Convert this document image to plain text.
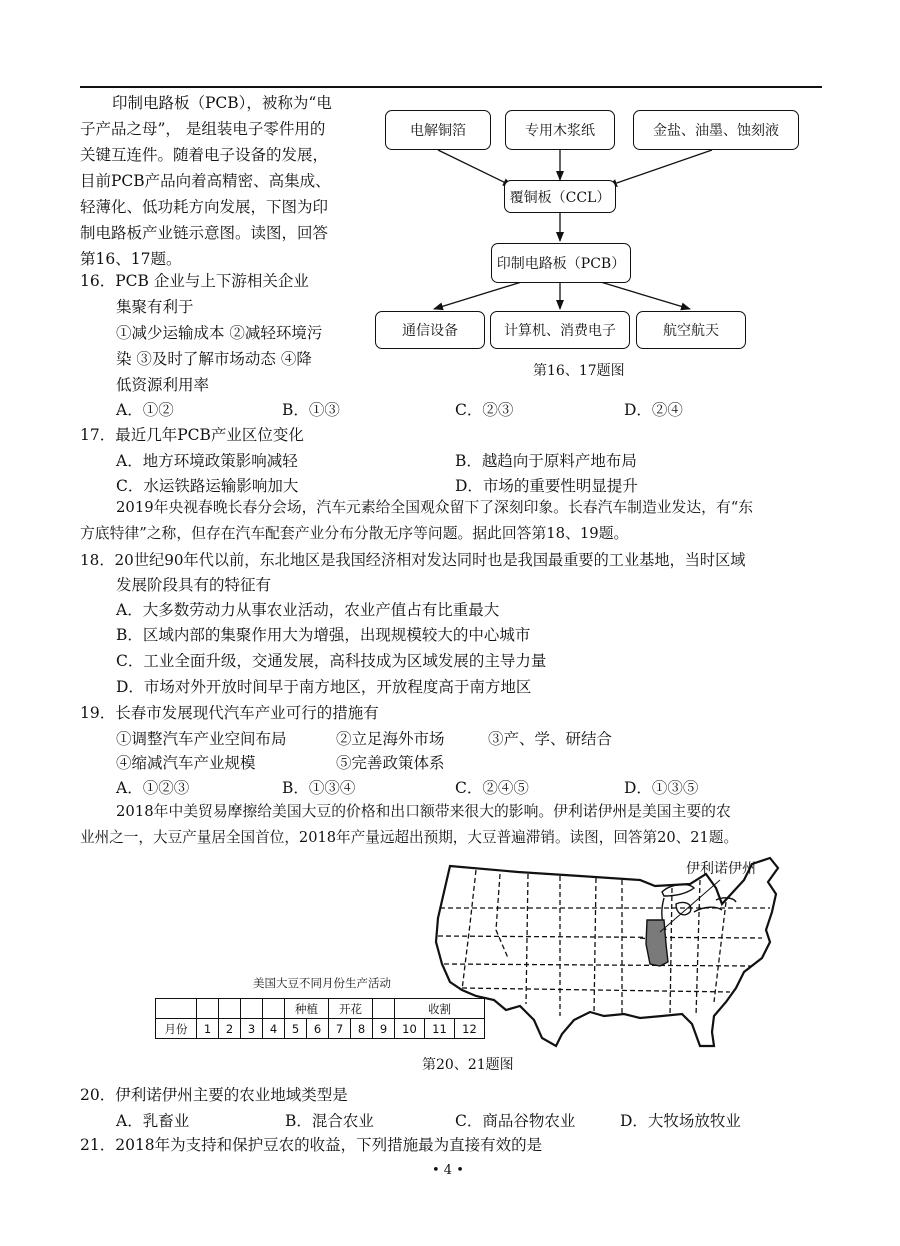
印制电路板（PCB），被称为“电
子产品之母”， 是组装电子零件用的
关键互连件。随着电子设备的发展，
目前PCB产品向着高精密、高集成、
轻薄化、低功耗方向发展，下图为印
制电路板产业链示意图。读图，回答
第16、17题。
电解铜箔	专用木浆纸	金盐、油墨、蚀刻液
覆铜板（CCL）
印制电路板（PCB）
通信设备	计算机、消费电子	航空航天
第16、17题图
16．PCB 企业与上下游相关企业
集聚有利于
①减少运输成本 ②减轻环境污
染 ③及时了解市场动态 ④降
低资源利用率
A．①②	B．①③	C．②③	D．②④
17．最近几年PCB产业区位变化
A．地方环境政策影响减轻	B．越趋向于原料产地布局
C．水运铁路运输影响加大	D．市场的重要性明显提升
2019年央视春晚长春分会场，汽车元素给全国观众留下了深刻印象。长春汽车制造业发达，有“东
方底特律”之称，但存在汽车配套产业分布分散无序等问题。据此回答第18、19题。
18．20世纪90年代以前，东北地区是我国经济相对发达同时也是我国最重要的工业基地，当时区域
发展阶段具有的特征有
A．大多数劳动力从事农业活动，农业产值占有比重最大
B．区域内部的集聚作用大为增强，出现规模较大的中心城市
C．工业全面升级，交通发展，高科技成为区域发展的主导力量
D．市场对外开放时间早于南方地区，开放程度高于南方地区
19．长春市发展现代汽车产业可行的措施有
①调整汽车产业空间布局	②立足海外市场	③产、学、研结合
④缩减汽车产业规模	⑤完善政策体系
A．①②③	B．①③④	C．②④⑤	D．①③⑤
2018年中美贸易摩擦给美国大豆的价格和出口额带来很大的影响。伊利诺伊州是美国主要的农
业州之一，大豆产量居全国首位，2018年产量远超出预期，大豆普遍滞销。读图，回答第20、21题。
伊利诺伊州
第20、21题图
美国大豆不同月份生产活动
					种植		开花			收割		
月份	1	2	3	4	5	6	7	8	9	10	11	12
20．伊利诺伊州主要的农业地域类型是
A．乳畜业	B．混合农业	C．商品谷物农业	D．大牧场放牧业
21．2018年为支持和保护豆农的收益，下列措施最为直接有效的是
• 4 •
